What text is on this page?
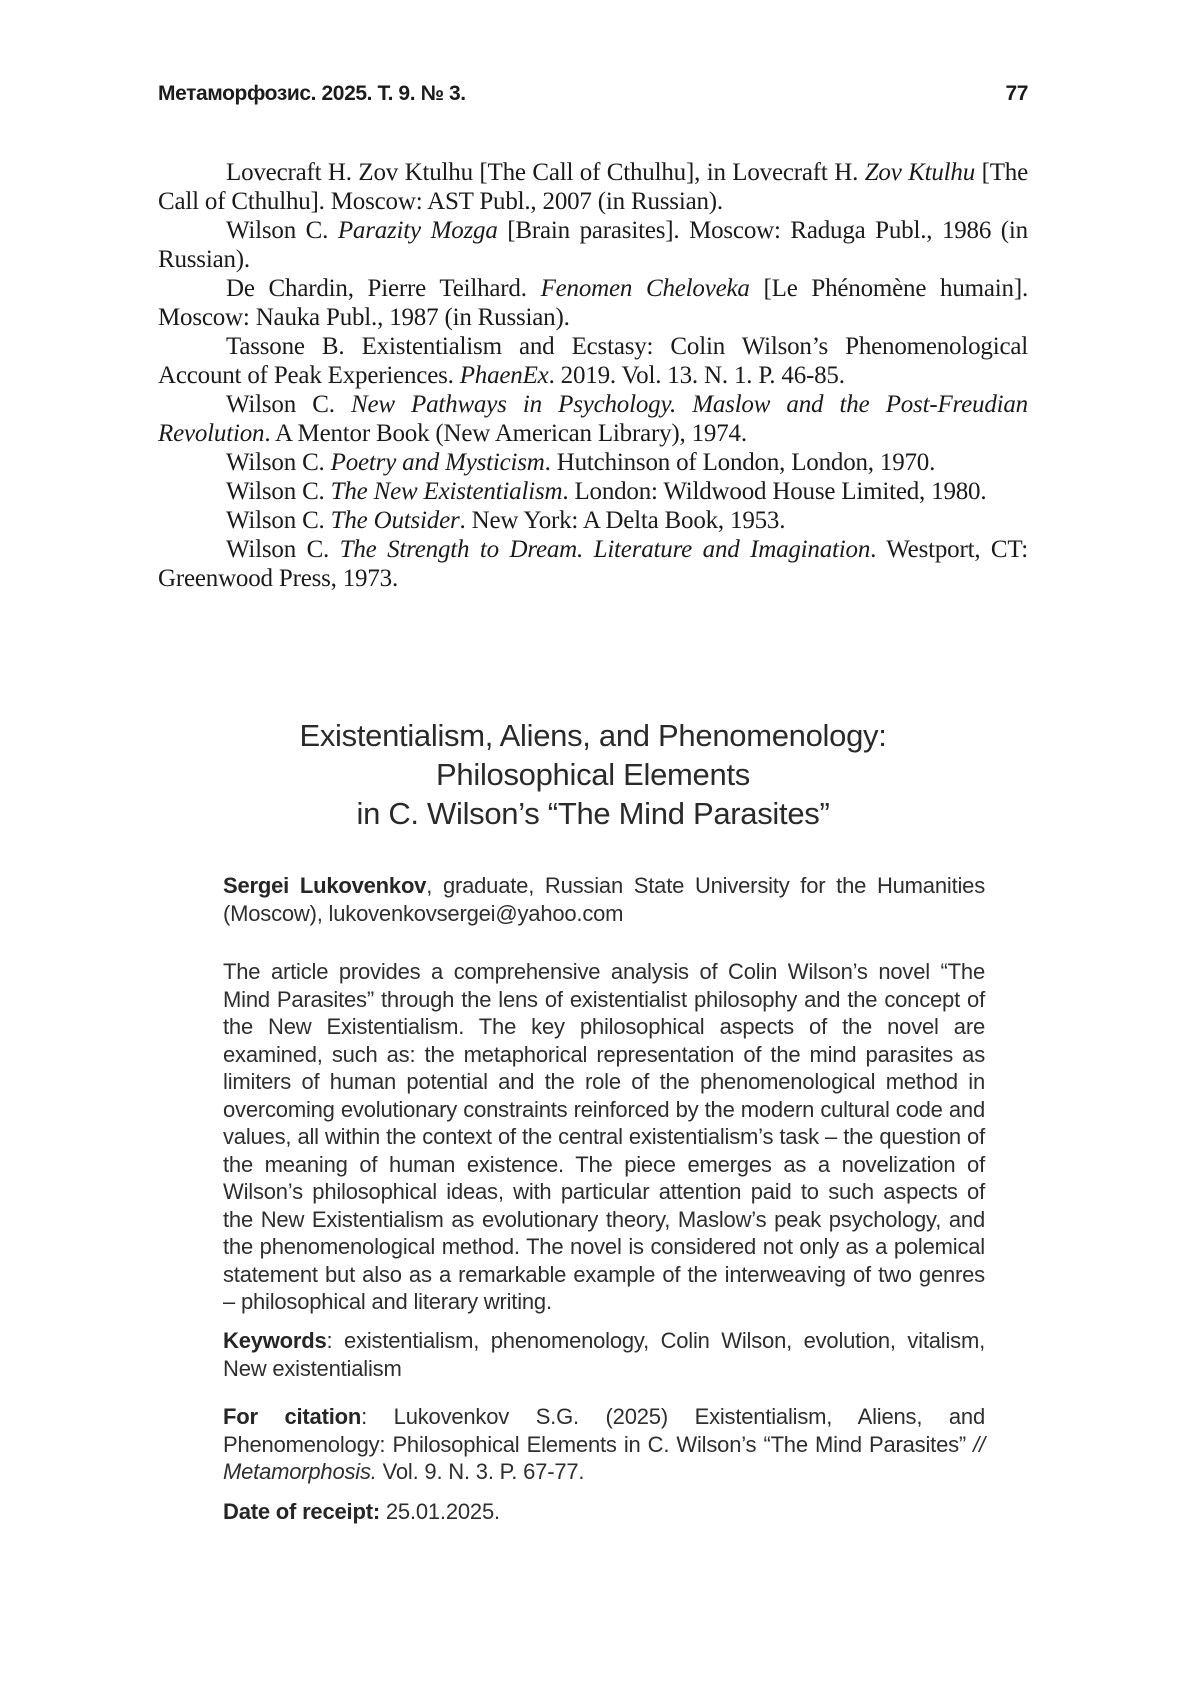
Метаморфозис. 2025. Т. 9. № 3.	77

Lovecraft H. Zov Ktulhu [The Call of Cthulhu], in Lovecraft H. Zov Ktulhu [The Call of Cthulhu]. Moscow: AST Publ., 2007 (in Russian).

Wilson C. Parazity Mozga [Brain parasites]. Moscow: Raduga Publ., 1986 (in Russian).

De Chardin, Pierre Teilhard. Fenomen Cheloveka [Le Phénomène humain]. Moscow: Nauka Publ., 1987 (in Russian).

Tassone B. Existentialism and Ecstasy: Colin Wilson’s Phenomenological Account of Peak Experiences. PhaenEx. 2019. Vol. 13. N. 1. P. 46-85.

Wilson C. New Pathways in Psychology. Maslow and the Post-Freudian Revolution. A Mentor Book (New American Library), 1974.

Wilson C. Poetry and Mysticism. Hutchinson of London, London, 1970.

Wilson C. The New Existentialism. London: Wildwood House Limited, 1980.

Wilson C. The Outsider. New York: A Delta Book, 1953.

Wilson C. The Strength to Dream. Literature and Imagination. Westport, CT: Greenwood Press, 1973.

Existentialism, Aliens, and Phenomenology:
Philosophical Elements
in C. Wilson’s “The Mind Parasites”

Sergei Lukovenkov, graduate, Russian State University for the Humanities (Moscow), lukovenkovsergei@yahoo.com

The article provides a comprehensive analysis of Colin Wilson’s novel “The Mind Parasites” through the lens of existentialist philosophy and the concept of the New Existentialism. The key philosophical aspects of the novel are examined, such as: the metaphorical representation of the mind parasites as limiters of human potential and the role of the phenomenological method in overcoming evolutionary constraints reinforced by the modern cultural code and values, all within the context of the central existentialism’s task – the question of the meaning of human existence. The piece emerges as a novelization of Wilson’s philosophical ideas, with particular attention paid to such aspects of the New Existentialism as evolutionary theory, Maslow’s peak psychology, and the phenomenological method. The novel is considered not only as a polemical statement but also as a remarkable example of the interweaving of two genres – philosophical and literary writing.

Keywords: existentialism, phenomenology, Colin Wilson, evolution, vitalism, New existentialism

For citation: Lukovenkov S.G. (2025) Existentialism, Aliens, and Phenomenology: Philosophical Elements in C. Wilson’s “The Mind Parasites” // Metamorphosis. Vol. 9. N. 3. P. 67-77.

Date of receipt: 25.01.2025.
